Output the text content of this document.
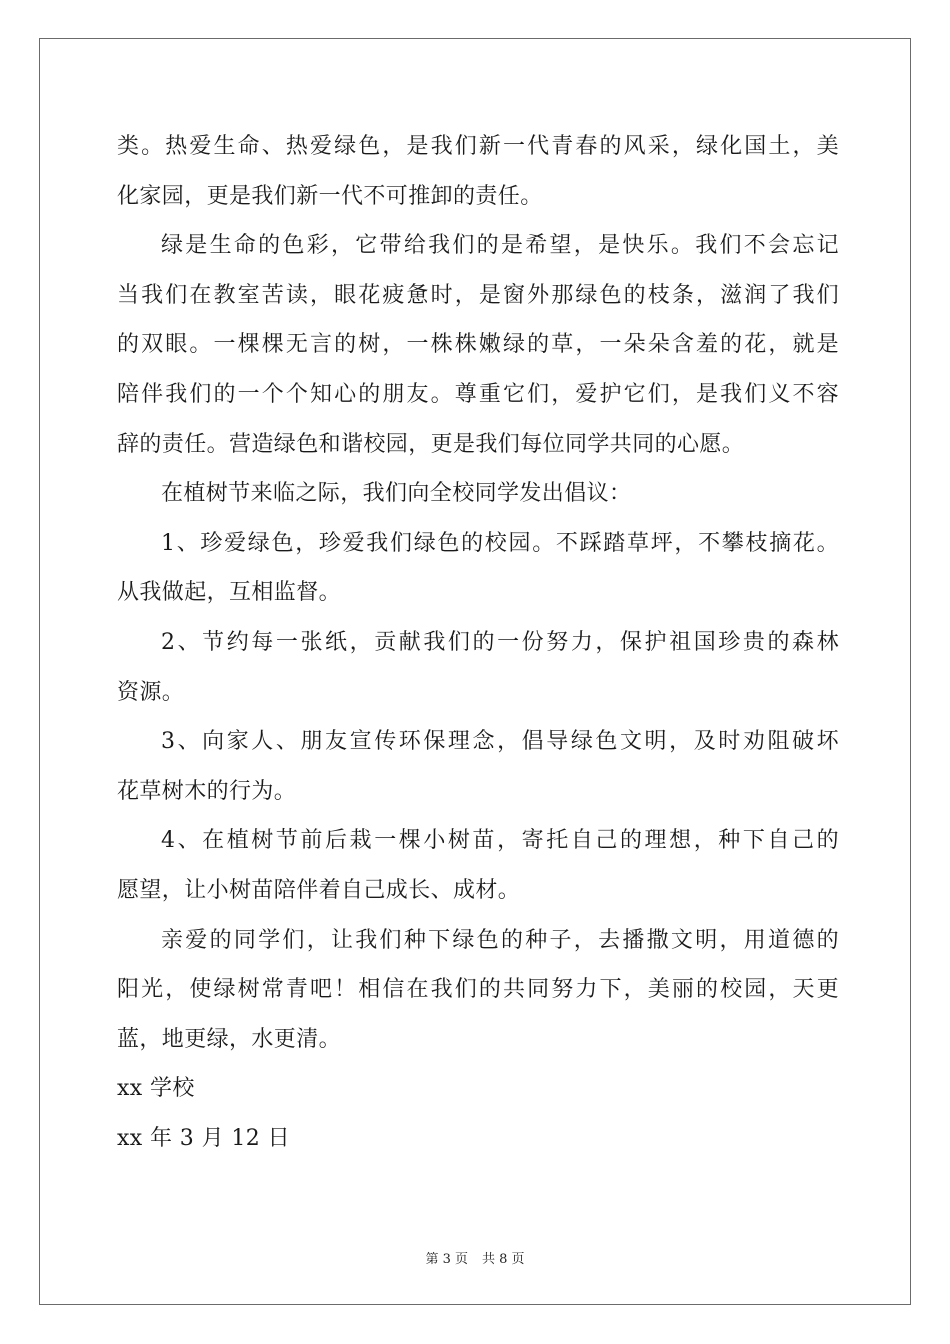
类。热爱生命、热爱绿色，是我们新一代青春的风采，绿化国土，美
化家园，更是我们新一代不可推卸的责任。
绿是生命的色彩，它带给我们的是希望，是快乐。我们不会忘记
当我们在教室苦读，眼花疲惫时，是窗外那绿色的枝条，滋润了我们
的双眼。一棵棵无言的树，一株株嫩绿的草，一朵朵含羞的花，就是
陪伴我们的一个个知心的朋友。尊重它们，爱护它们，是我们义不容
辞的责任。营造绿色和谐校园，更是我们每位同学共同的心愿。
在植树节来临之际，我们向全校同学发出倡议：
1、珍爱绿色，珍爱我们绿色的校园。不踩踏草坪，不攀枝摘花。
从我做起，互相监督。
2、节约每一张纸，贡献我们的一份努力，保护祖国珍贵的森林
资源。
3、向家人、朋友宣传环保理念，倡导绿色文明，及时劝阻破坏
花草树木的行为。
4、在植树节前后栽一棵小树苗，寄托自己的理想，种下自己的
愿望，让小树苗陪伴着自己成长、成材。
亲爱的同学们，让我们种下绿色的种子，去播撒文明，用道德的
阳光，使绿树常青吧！相信在我们的共同努力下，美丽的校园，天更
蓝，地更绿，水更清。
xx 学校
xx 年 3 月 12 日
第 3 页 共 8 页
